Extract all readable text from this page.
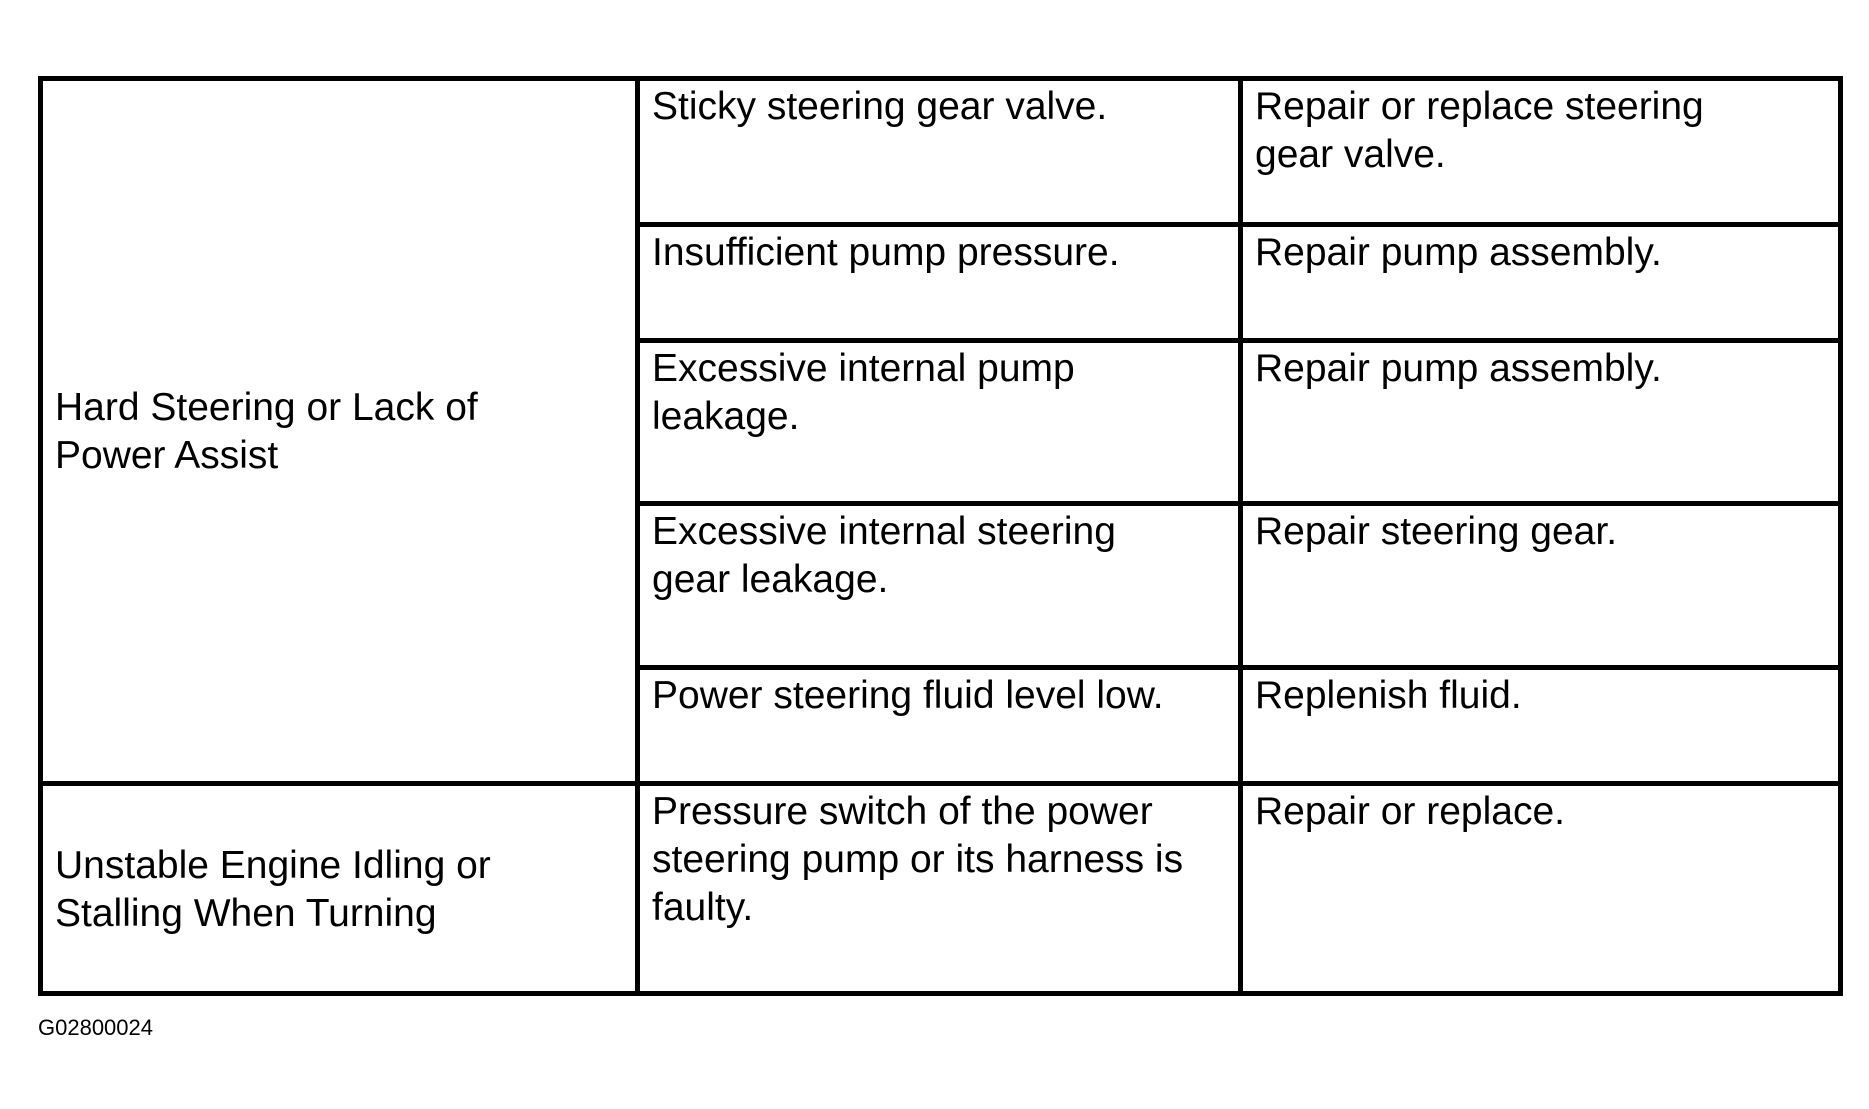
Hard Steering or Lack of
Power Assist	Sticky steering gear valve.	Repair or replace steering
gear valve.

	Insufficient pump pressure.	Repair pump assembly.

	Excessive internal pump
leakage.	Repair pump assembly.

	Excessive internal steering
gear leakage.	Repair steering gear.

	Power steering fluid level low.	Replenish fluid.

Unstable Engine Idling or
Stalling When Turning	Pressure switch of the power
steering pump or its harness is
faulty.	Repair or replace.
G02800024
